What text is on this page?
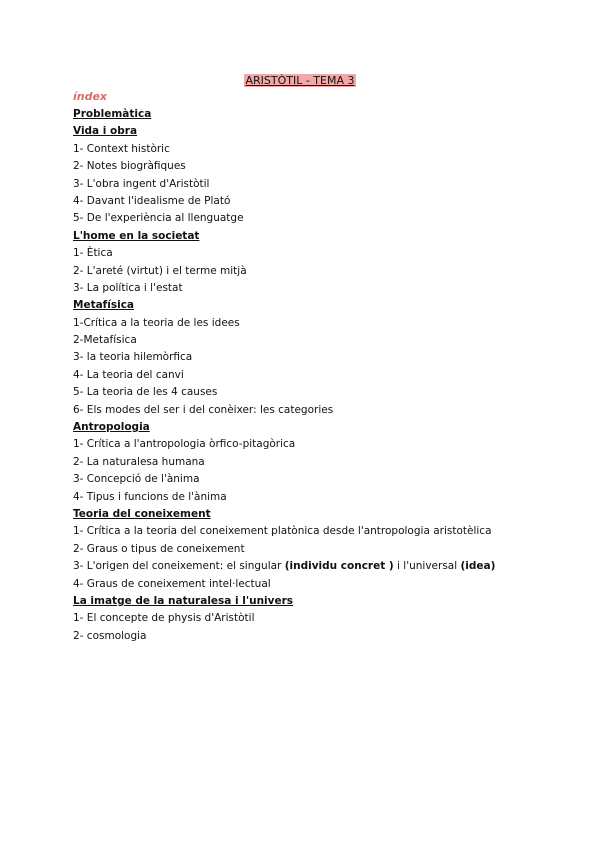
ARISTÒTIL - TEMA 3
índex
Problemàtica
Vida i obra
1- Context històric
2- Notes biogràfiques
3- L'obra ingent d'Aristòtil
4- Davant l'idealisme de Plató
5- De l'experiència al llenguatge
L'home en la societat
1- Ètica
2- L'areté (virtut) i el terme mitjà
3- La política i l'estat
Metafísica
1-Crítica a la teoria de les idees
2-Metafísica
3- la teoria hilemòrfica
4- La teoria del canvi
5- La teoria de les 4 causes
6- Els modes del ser i del conèixer: les categories
Antropologia
1- Crítica a l'antropologia òrfico-pitagòrica
2- La naturalesa humana
3- Concepció de l'ànima
4- Tipus i funcions de l'ànima
Teoria del coneixement
1- Crítica a la teoria del coneixement platònica desde l'antropologia aristotèlica
2- Graus o tipus de coneixement
3- L'origen del coneixement: el singular (individu concret ) i l'universal (idea)
4- Graus de coneixement intel·lectual
La imatge de la naturalesa i l'univers
1- El concepte de physis d'Aristòtil
2- cosmologia
